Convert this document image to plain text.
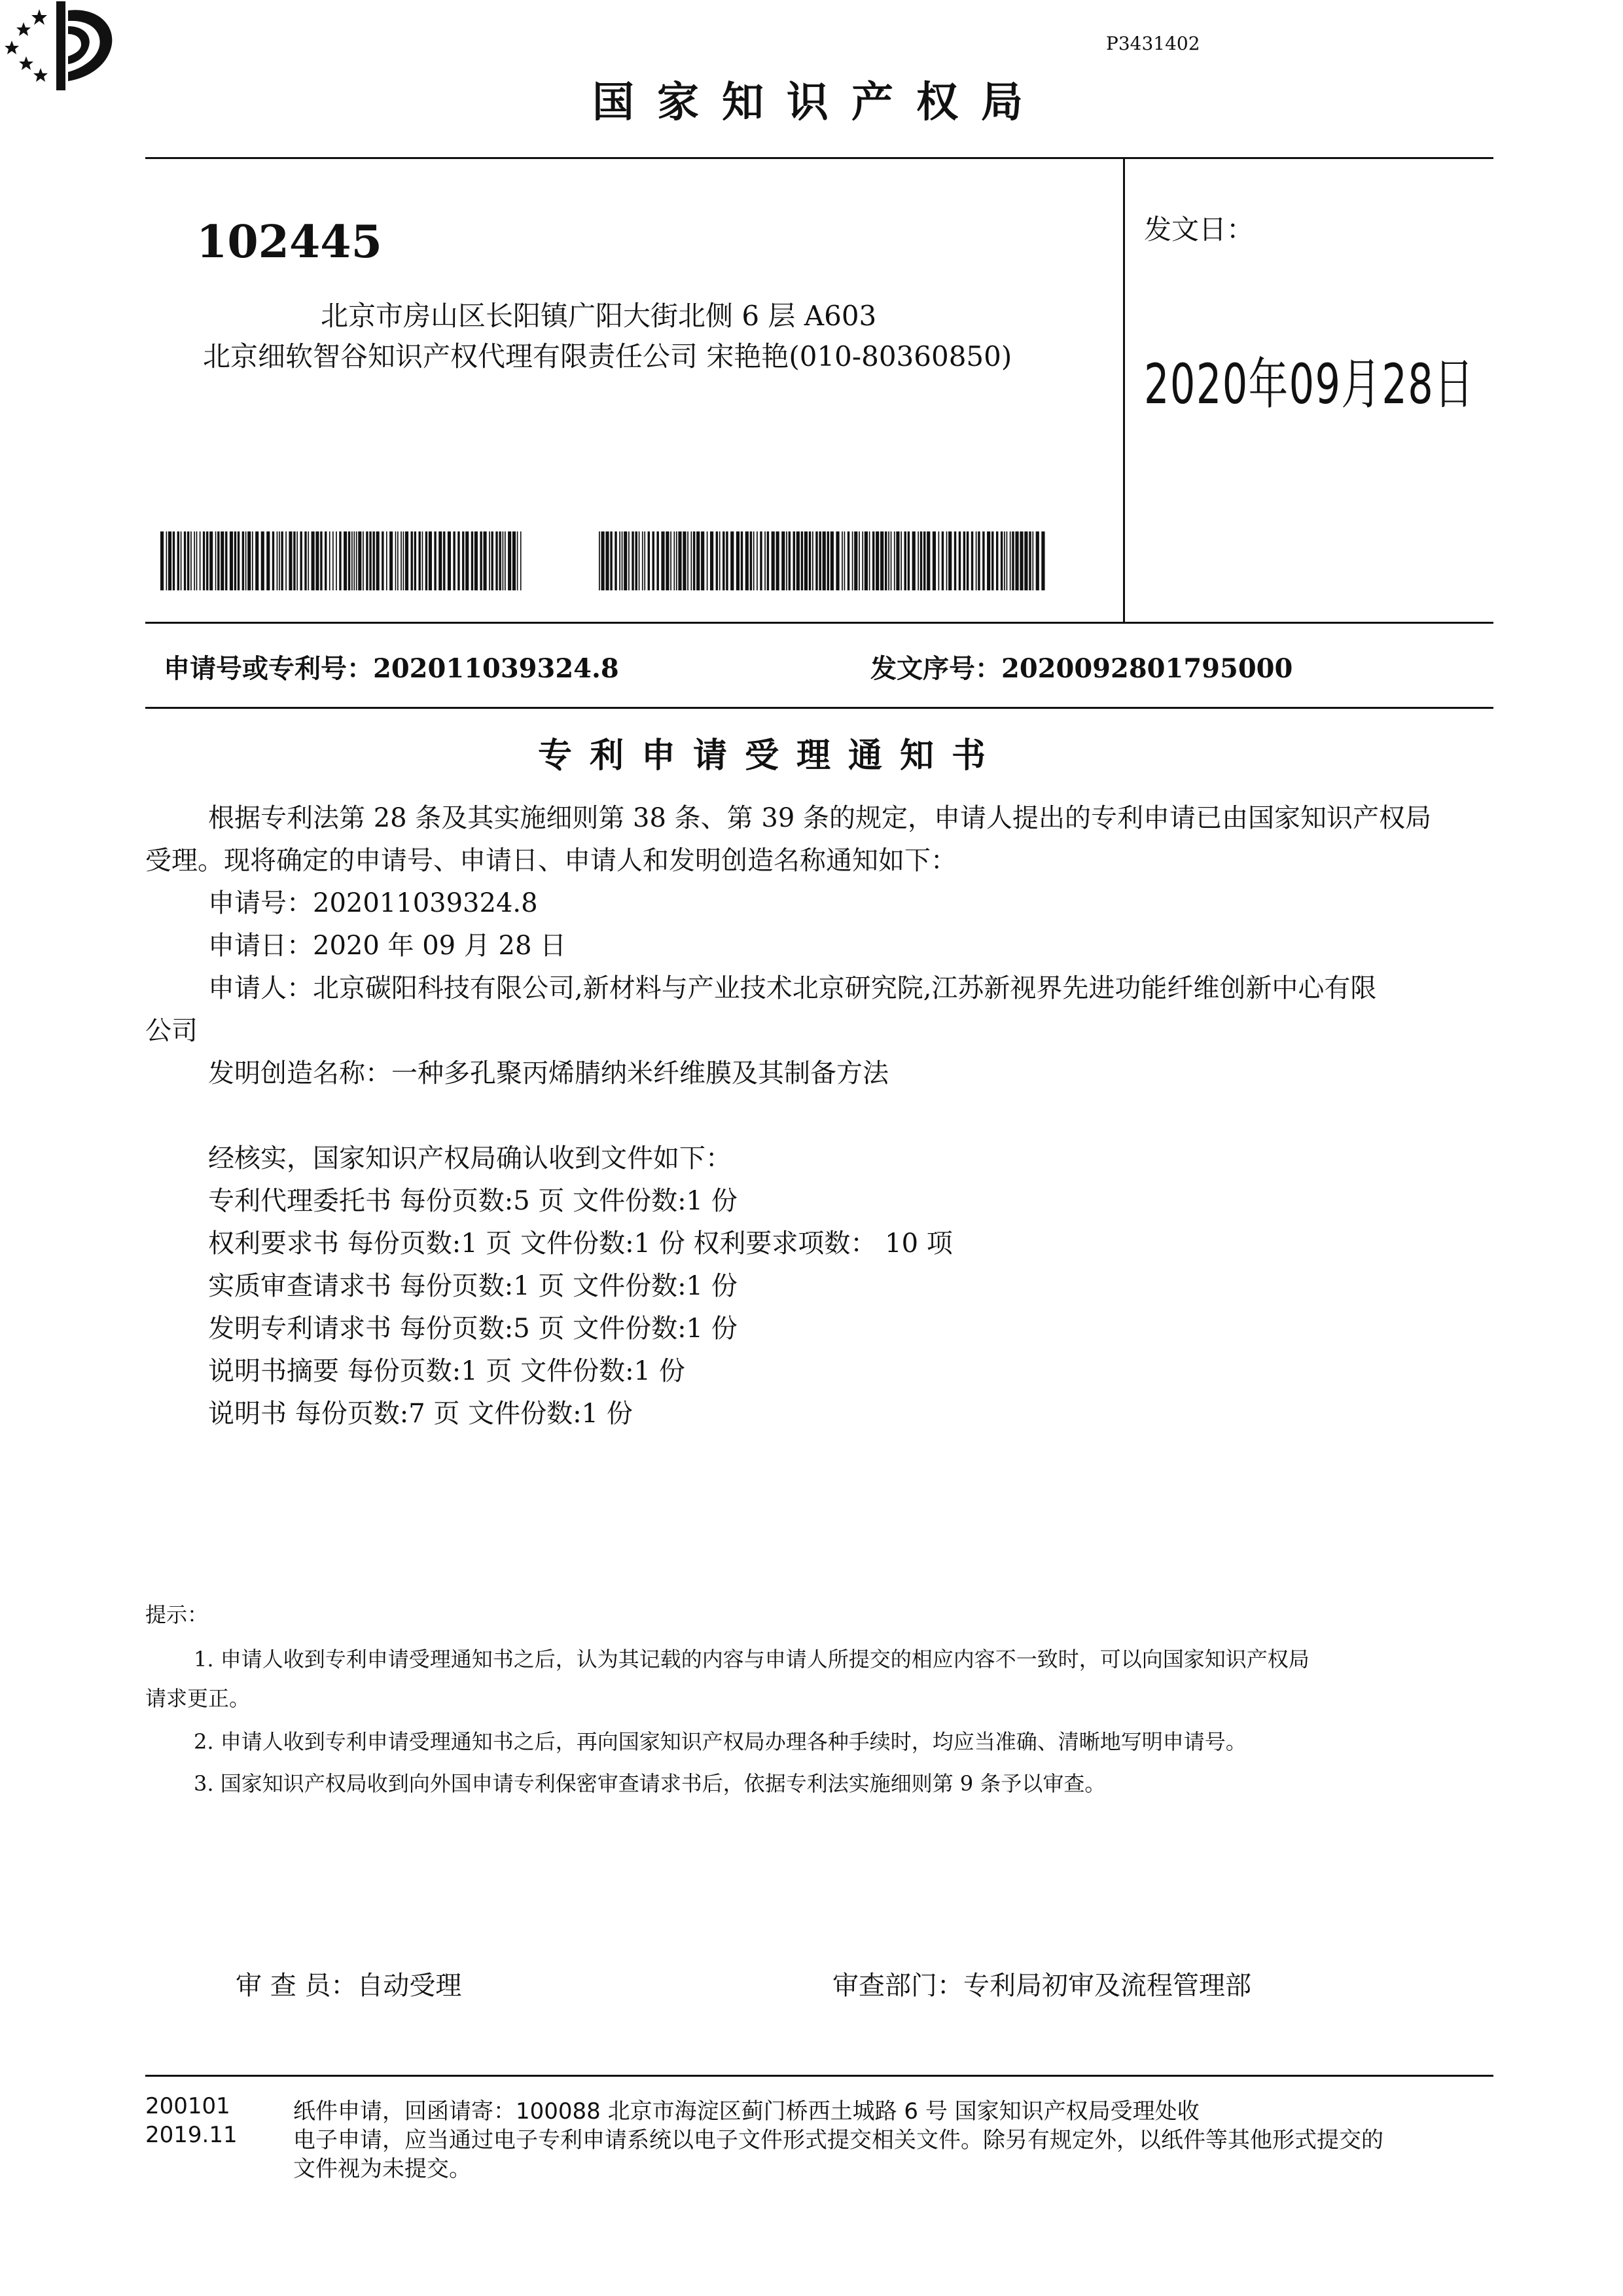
P3431402
国家知识产权局
102445
北京市房山区长阳镇广阳大街北侧 6 层 A603
北京细软智谷知识产权代理有限责任公司 宋艳艳(010-80360850)
发文日：
2020年09月28日
申请号或专利号：202011039324.8	发文序号：2020092801795000
专利申请受理通知书
根据专利法第 28 条及其实施细则第 38 条、第 39 条的规定，申请人提出的专利申请已由国家知识产权局
受理。现将确定的申请号、申请日、申请人和发明创造名称通知如下：
申请号：202011039324.8
申请日：2020 年 09 月 28 日
申请人：北京碳阳科技有限公司,新材料与产业技术北京研究院,江苏新视界先进功能纤维创新中心有限
公司
发明创造名称：一种多孔聚丙烯腈纳米纤维膜及其制备方法
经核实，国家知识产权局确认收到文件如下：
专利代理委托书 每份页数:5 页 文件份数:1 份
权利要求书 每份页数:1 页 文件份数:1 份 权利要求项数： 10 项
实质审查请求书 每份页数:1 页 文件份数:1 份
发明专利请求书 每份页数:5 页 文件份数:1 份
说明书摘要 每份页数:1 页 文件份数:1 份
说明书 每份页数:7 页 文件份数:1 份
提示：
1. 申请人收到专利申请受理通知书之后，认为其记载的内容与申请人所提交的相应内容不一致时，可以向国家知识产权局
请求更正。
2. 申请人收到专利申请受理通知书之后，再向国家知识产权局办理各种手续时，均应当准确、清晰地写明申请号。
3. 国家知识产权局收到向外国申请专利保密审查请求书后，依据专利法实施细则第 9 条予以审查。
审 查 员：自动受理	审查部门：专利局初审及流程管理部
200101
2019.11
纸件申请，回函请寄：100088 北京市海淀区蓟门桥西土城路 6 号 国家知识产权局受理处收
电子申请，应当通过电子专利申请系统以电子文件形式提交相关文件。除另有规定外，以纸件等其他形式提交的
文件视为未提交。
